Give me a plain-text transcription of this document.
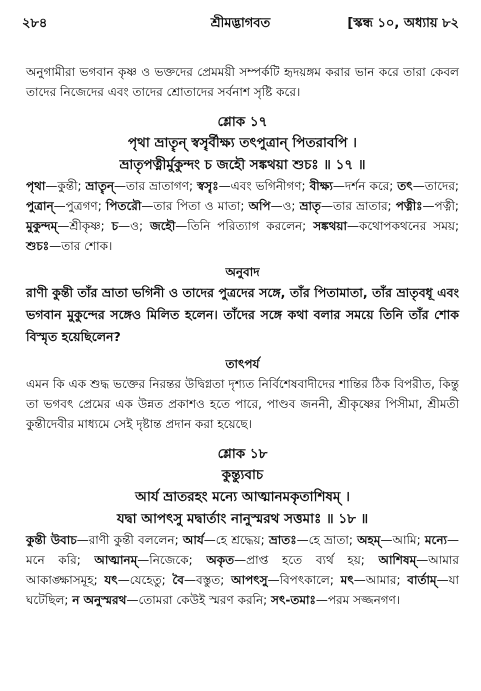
২৮৪	শ্রীমদ্ভাগবত	[স্কন্ধ ১০, অধ্যায় ৮২

অনুগামীরা ভগবান কৃষ্ণ ও ভক্তদের প্রেমময়ী সম্পর্কটি হৃদয়ঙ্গম করার ভান করে তারা কেবল তাদের নিজেদের এবং তাদের শ্রোতাদের সর্বনাশ সৃষ্টি করে।

শ্লোক ১৭

পৃথা ভ্রাতৄন্ স্বসৄর্বীক্ষ্য তৎপুত্রান্ পিতরাবপি ।

ভ্রাতৃপত্নীর্মুকুন্দং চ জহৌ সঙ্কথয়া শুচঃ ॥ ১৭ ॥

পৃথা—কুন্তী; ভ্রাতৄন্—তার ভ্রাতাগণ; স্বসৄঃ—এবং ভগিনীগণ; বীক্ষ্য—দর্শন করে; তৎ—তাদের; পুত্রান্—পুত্রগণ; পিতরৌ—তার পিতা ও মাতা; অপি—ও; ভ্রাতৃ—তার ভ্রাতার; পত্নীঃ—পত্নী; মুকুন্দম্—শ্রীকৃষ্ণ; চ—ও; জহৌ—তিনি পরিত্যাগ করলেন; সঙ্কথয়া—কথোপকথনের সময়; শুচঃ—তার শোক।

অনুবাদ

রাণী কুন্তী তাঁর ভ্রাতা ভগিনী ও তাদের পুত্রদের সঙ্গে, তাঁর পিতামাতা, তাঁর ভ্রাতৃবধূ এবং ভগবান মুকুন্দের সঙ্গেও মিলিত হলেন। তাঁদের সঙ্গে কথা বলার সময়ে তিনি তাঁর শোক বিস্মৃত হয়েছিলেন?

তাৎপর্য

এমন কি এক শুদ্ধ ভক্তের নিরন্তর উদ্বিগ্নতা দৃশ্যত নির্বিশেষবাদীদের শান্তির ঠিক বিপরীত, কিন্তু তা ভগবৎ প্রেমের এক উন্নত প্রকাশও হতে পারে, পাণ্ডব জননী, শ্রীকৃষ্ণের পিসীমা, শ্রীমতী কুন্তীদেবীর মাধ্যমে সেই দৃষ্টান্ত প্রদান করা হয়েছে।

শ্লোক ১৮

কুন্ত্যুবাচ

আর্য ভ্রাতরহং মন্যে আত্মানমকৃতাশিষম্ ।

যদ্বা আপৎসু মদ্বার্তাং নানুস্মরথ সত্তমাঃ ॥ ১৮ ॥

কুন্তী উবাচ—রাণী কুন্তী বললেন; আর্য—হে শ্রদ্ধেয়; ভ্রাতঃ—হে ভ্রাতা; অহম্—আমি; মন্যে—মনে করি; আত্মানম্—নিজেকে; অকৃত—প্রাপ্ত হতে ব্যর্থ হয়; আশিষম্—আমার আকাঙ্ক্ষাসমূহ; যৎ—যেহেতু; বৈ—বস্তুত; আপৎসু—বিপৎকালে; মৎ—আমার; বার্তাম্—যা ঘটেছিল; ন অনুস্মরথ—তোমরা কেউই স্মরণ করনি; সৎ-তমাঃ—পরম সজ্জনগণ।
